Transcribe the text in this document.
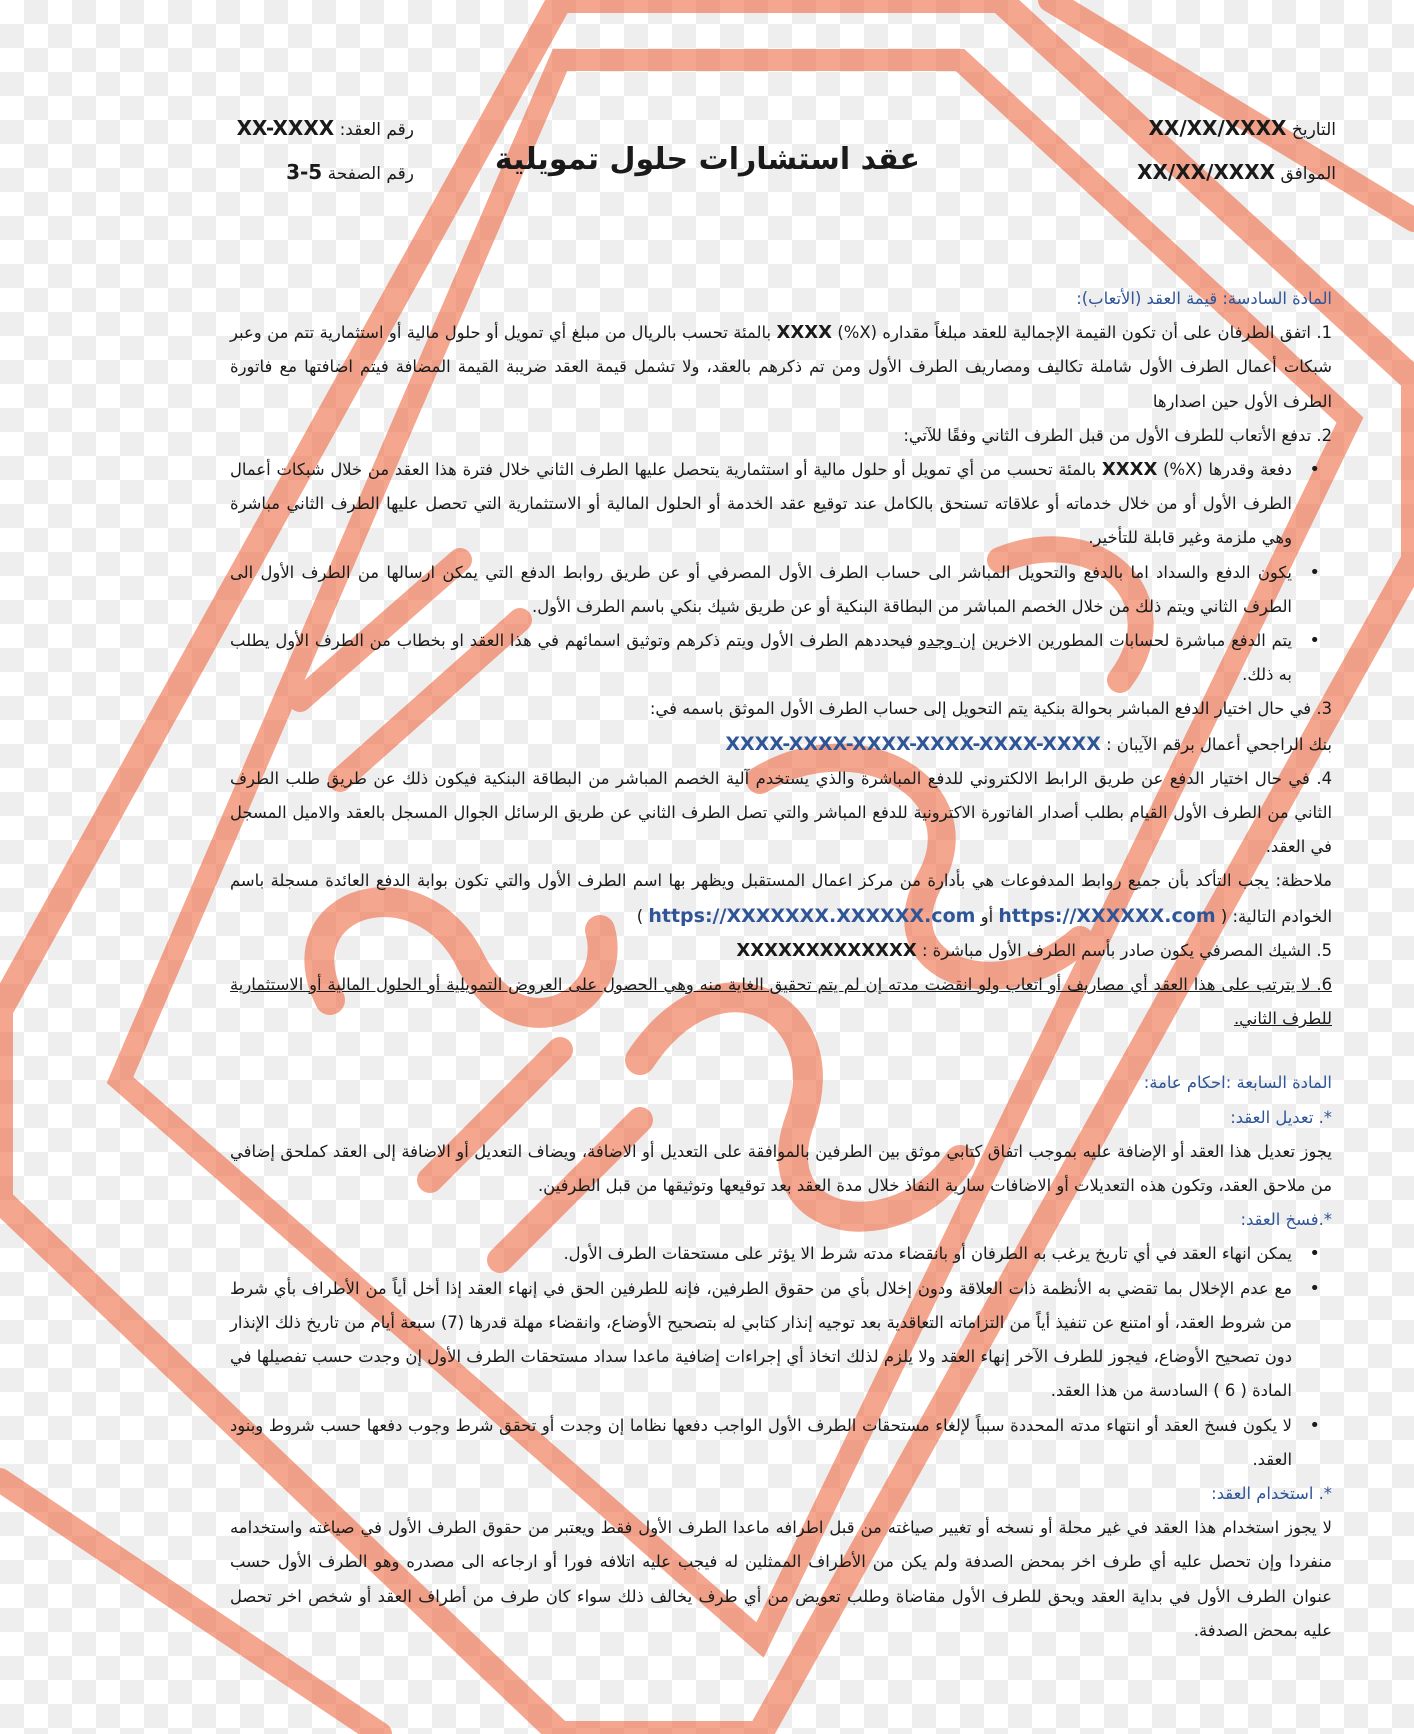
التاريخ XX/XX/XXXX
الموافق XX/XX/XXXX
عقد استشارات حلول تمويلية
رقم العقد: XX-XXXX
رقم الصفحة 3-5

المادة السادسة: قيمة العقد (الأتعاب):

1. اتفق الطرفان على أن تكون القيمة الإجمالية للعقد مبلغاً مقداره (X%) XXXX بالمئة تحسب بالريال من مبلغ أي تمويل أو حلول مالية أو استثمارية تتم من وعبر شبكات أعمال الطرف الأول شاملة تكاليف ومصاريف الطرف الأول ومن تم ذكرهم بالعقد، ولا تشمل قيمة العقد ضريبة القيمة المضافة فيتم اضافتها مع فاتورة الطرف الأول حين اصدارها

2. تدفع الأتعاب للطرف الأول من قبل الطرف الثاني وفقًا للآتي:

• دفعة وقدرها (X%) XXXX بالمئة تحسب من أي تمويل أو حلول مالية أو استثمارية يتحصل عليها الطرف الثاني خلال فترة هذا العقد من خلال شبكات أعمال الطرف الأول أو من خلال خدماته أو علاقاته تستحق بالكامل عند توقيع عقد الخدمة أو الحلول المالية أو الاستثمارية التي تحصل عليها الطرف الثاني مباشرة وهي ملزمة وغير قابلة للتأخير.
• يكون الدفع والسداد اما بالدفع والتحويل المباشر الى حساب الطرف الأول المصرفي أو عن طريق روابط الدفع التي يمكن ارسالها من الطرف الأول الى الطرف الثاني ويتم ذلك من خلال الخصم المباشر من البطاقة البنكية أو عن طريق شيك بنكي باسم الطرف الأول.
• يتم الدفع مباشرة لحسابات المطورين الاخرين إن وجدو فيحددهم الطرف الأول ويتم ذكرهم وتوثيق اسمائهم في هذا العقد او بخطاب من الطرف الأول يطلب به ذلك.

3. في حال اختيار الدفع المباشر بحوالة بنكية يتم التحويل إلى حساب الطرف الأول الموثق باسمه في:

بنك الراجحي أعمال برقم الآيبان : XXXX-XXXX-XXXX-XXXX-XXXX-XXXX

4. في حال اختيار الدفع عن طريق الرابط الالكتروني للدفع المباشرة والذي يستخدم آلية الخصم المباشر من البطاقة البنكية فيكون ذلك عن طريق طلب الطرف الثاني من الطرف الأول القيام بطلب أصدار الفاتورة الاكترونية للدفع المباشر والتي تصل الطرف الثاني عن طريق الرسائل الجوال المسجل بالعقد والاميل المسجل في العقد.

ملاحظة: يجب التأكد بأن جميع روابط المدفوعات هي بأدارة من مركز اعمال المستقبل ويظهر بها اسم الطرف الأول والتي تكون بوابة الدفع العائدة مسجلة باسم الخوادم التالية: ( https://XXXXXX.com أو https://XXXXXXX.XXXXXX.com )

5. الشيك المصرفي يكون صادر بأسم الطرف الأول مباشرة : XXXXXXXXXXXXX

6. لا يترتب على هذا العقد أي مصاريف أو اتعاب ولو انقضت مدته إن لم يتم تحقيق الغاية منه وهي الحصول على العروض التمويلية أو الحلول المالية أو الاستثمارية للطرف الثاني.

المادة السابعة :احكام عامة:

*. تعديل العقد:

يجوز تعديل هذا العقد أو الإضافة عليه بموجب اتفاق كتابي موثق بين الطرفين بالموافقة على التعديل أو الاضافة، ويضاف التعديل أو الاضافة إلى العقد كملحق إضافي من ملاحق العقد، وتكون هذه التعديلات أو الاضافات سارية النفاذ خلال مدة العقد بعد توقيعها وتوثيقها من قبل الطرفين.

*.فسخ العقد:

• يمكن انهاء العقد في أي تاريخ يرغب به الطرفان أو بانقضاء مدته شرط الا يؤثر على مستحقات الطرف الأول.
• مع عدم الإخلال بما تقضي به الأنظمة ذات العلاقة ودون إخلال بأي من حقوق الطرفين، فإنه للطرفين الحق في إنهاء العقد إذا أخل أياً من الأطراف بأي شرط من شروط العقد، أو امتنع عن تنفيذ أياً من التزاماته التعاقدية بعد توجيه إنذار كتابي له بتصحيح الأوضاع، وانقضاء مهلة قدرها (7) سبعة أيام من تاريخ ذلك الإنذار دون تصحيح الأوضاع، فيجوز للطرف الآخر إنهاء العقد ولا يلزم لذلك اتخاذ أي إجراءات إضافية ماعدا سداد مستحقات الطرف الأول إن وجدت حسب تفصيلها في المادة ( 6 ) السادسة من هذا العقد.
• لا يكون فسخ العقد أو انتهاء مدته المحددة سبباً لإلغاء مستحقات الطرف الأول الواجب دفعها نظاما إن وجدت أو تحقق شرط وجوب دفعها حسب شروط وبنود العقد.

*. استخدام العقد:

لا يجوز استخدام هذا العقد في غير محلة أو نسخه أو تغيير صياغته من قبل اطرافه ماعدا الطرف الأول فقط ويعتبر من حقوق الطرف الأول في صياغته واستخدامه منفردا وإن تحصل عليه أي طرف اخر بمحض الصدفة ولم يكن من الأطراف الممثلين له فيجب عليه اتلافه فورا أو ارجاعه الى مصدره وهو الطرف الأول حسب عنوان الطرف الأول في بداية العقد ويحق للطرف الأول مقاضاة وطلب تعويض من أي طرف يخالف ذلك سواء كان طرف من أطراف العقد أو شخص اخر تحصل عليه بمحض الصدفة.
